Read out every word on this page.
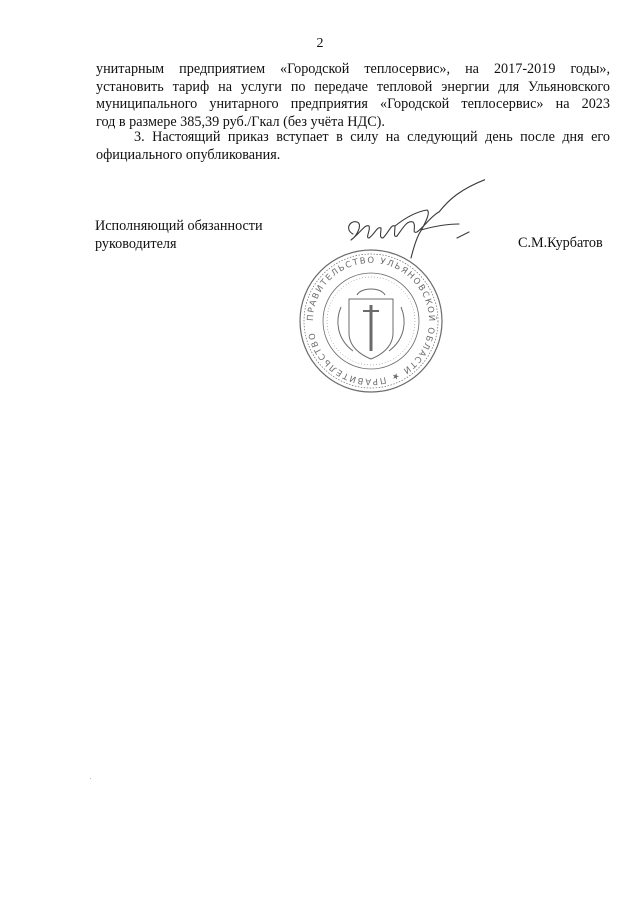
2

унитарным предприятием «Городской теплосервис», на 2017-2019 годы»,
установить тариф на услуги по передаче тепловой энергии для Ульяновского
муниципального унитарного предприятия «Городской теплосервис» на 2023
год в размере 385,39 руб./Гкал (без учёта НДС).

3. Настоящий приказ вступает в силу на следующий день после дня его
официального опубликования.

Исполняющий обязанности
руководителя	С.М.Курбатов
ПРАВИТЕЛЬСТВО УЛЬЯНОВСКОЙ ОБЛАСТИ ★ ПРАВИТЕЛЬСТВО
